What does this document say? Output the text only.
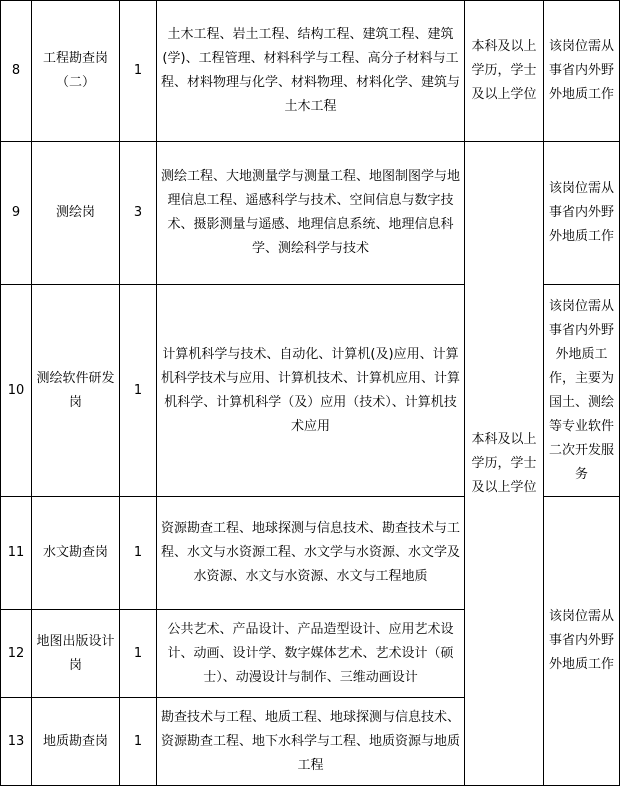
8	工程勘查岗（二）	1	土木工程、岩土工程、结构工程、建筑工程、建筑(学)、工程管理、材料科学与工程、高分子材料与工程、材料物理与化学、材料物理、材料化学、建筑与土木工程	本科及以上学历，学士及以上学位	该岗位需从事省内外野外地质工作
9	测绘岗	3	测绘工程、大地测量学与测量工程、地图制图学与地理信息工程、遥感科学与技术、空间信息与数字技术、摄影测量与遥感、地理信息系统、地理信息科学、测绘科学与技术	本科及以上学历，学士及以上学位	该岗位需从事省内外野外地质工作
10	测绘软件研发岗	1	计算机科学与技术、自动化、计算机(及)应用、计算机科学技术与应用、计算机技术、计算机应用、计算机科学、计算机科学（及）应用（技术）、计算机技术应用		该岗位需从事省内外野外地质工作，主要为国土、测绘等专业软件二次开发服务
11	水文勘查岗	1	资源勘查工程、地球探测与信息技术、勘查技术与工程、水文与水资源工程、水文学与水资源、水文学及水资源、水文与水资源、水文与工程地质		该岗位需从事省内外野外地质工作
12	地图出版设计岗	1	公共艺术、产品设计、产品造型设计、应用艺术设计、动画、设计学、数字媒体艺术、艺术设计（硕士）、动漫设计与制作、三维动画设计		
13	地质勘查岗	1	勘查技术与工程、地质工程、地球探测与信息技术、资源勘查工程、地下水科学与工程、地质资源与地质工程		
